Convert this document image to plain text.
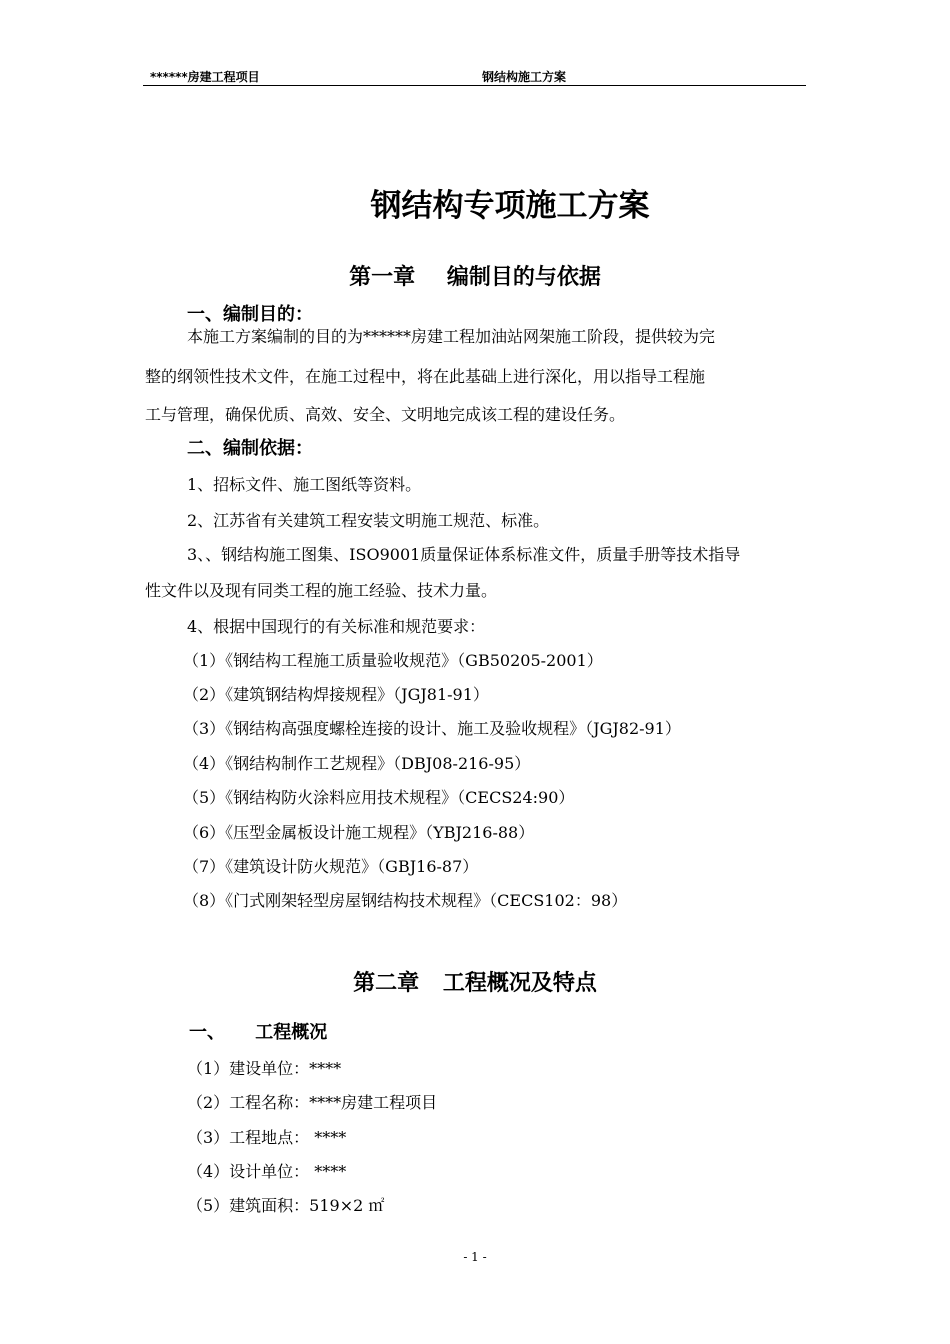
******房建工程项目	钢结构施工方案
钢结构专项施工方案
第一章 编制目的与依据
一、编制目的：
本施工方案编制的目的为******房建工程加油站网架施工阶段，提供较为完
整的纲领性技术文件，在施工过程中，将在此基础上进行深化，用以指导工程施
工与管理，确保优质、高效、安全、文明地完成该工程的建设任务。
二、编制依据：
1、招标文件、施工图纸等资料。
2、江苏省有关建筑工程安装文明施工规范、标准。
3、、钢结构施工图集、ISO9001质量保证体系标准文件，质量手册等技术指导
性文件以及现有同类工程的施工经验、技术力量。
4、根据中国现行的有关标准和规范要求：
（1）《钢结构工程施工质量验收规范》（GB50205-2001）
（2）《建筑钢结构焊接规程》（JGJ81-91）
（3）《钢结构高强度螺栓连接的设计、施工及验收规程》（JGJ82-91）
（4）《钢结构制作工艺规程》（DBJ08-216-95）
（5）《钢结构防火涂料应用技术规程》（CECS24:90）
（6）《压型金属板设计施工规程》（YBJ216-88）
（7）《建筑设计防火规范》（GBJ16-87）
（8）《门式刚架轻型房屋钢结构技术规程》（CECS102：98）
第二章 工程概况及特点
一、 工程概况
（1）建设单位：****
（2）工程名称：****房建工程项目
（3）工程地点： ****
（4）设计单位： ****
（5）建筑面积：519×2 ㎡
- 1 -
